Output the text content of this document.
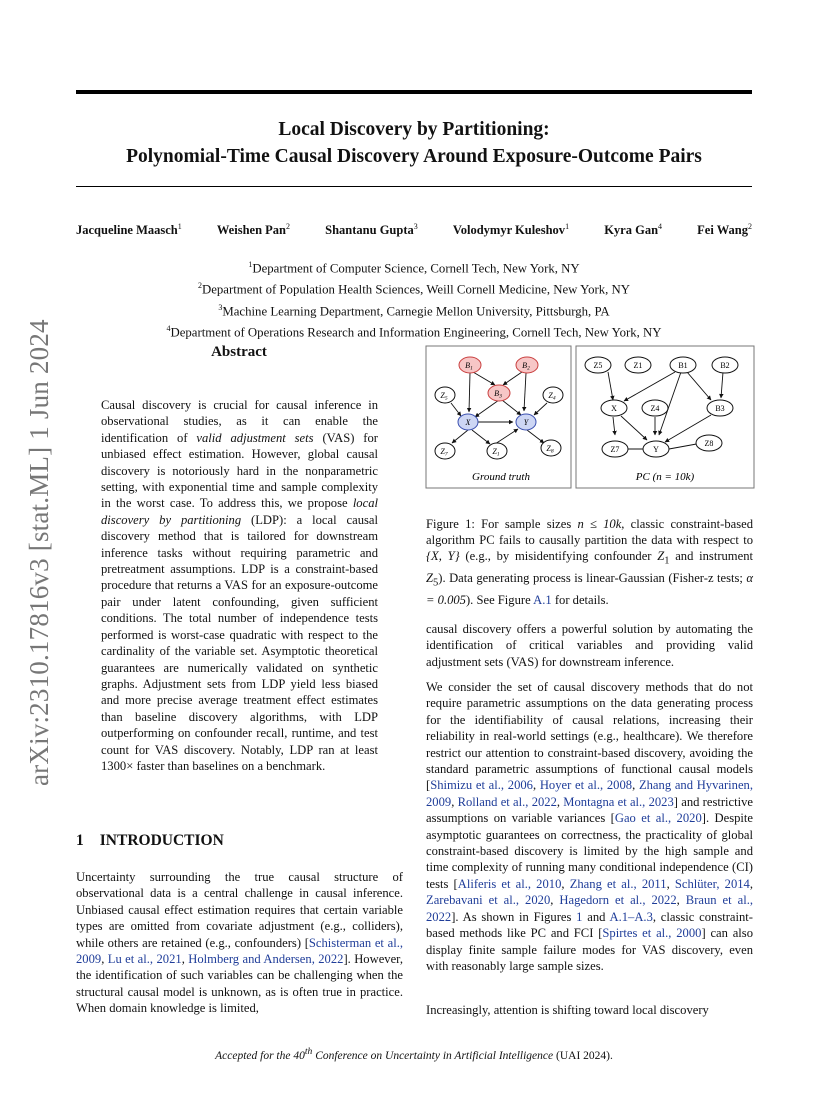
Local Discovery by Partitioning:
Polynomial-Time Causal Discovery Around Exposure-Outcome Pairs
Jacqueline Maasch$^1$	Weishen Pan$^2$	Shantanu Gupta$^3$	Volodymyr Kuleshov$^1$	Kyra Gan$^4$	Fei Wang$^2$
$^1$Department of Computer Science, Cornell Tech, New York, NY
$^2$Department of Population Health Sciences, Weill Cornell Medicine, New York, NY
$^3$Machine Learning Department, Carnegie Mellon University, Pittsburgh, PA
$^4$Department of Operations Research and Information Engineering, Cornell Tech, New York, NY
arXiv:2310.17816v3 [stat.ML] 1 Jun 2024	Abstract

Causal discovery is crucial for causal inference in observational studies, as it can enable the identification of valid adjustment sets (VAS) for unbiased effect estimation. However, global causal discovery is notoriously hard in the nonparametric setting, with exponential time and sample complexity in the worst case. To address this, we propose local discovery by partitioning (LDP): a local causal discovery method that is tailored for downstream inference tasks without requiring parametric and pretreatment assumptions. LDP is a constraint-based procedure that returns a VAS for an exposure-outcome pair under latent confounding, given sufficient conditions. The total number of independence tests performed is worst-case quadratic with respect to the cardinality of the variable set. Asymptotic theoretical guarantees are numerically validated on synthetic graphs. Adjustment sets from LDP yield less biased and more precise average treatment effect estimates than baseline discovery algorithms, with LDP outperforming on confounder recall, runtime, and test count for VAS discovery. Notably, LDP ran at least 1300× faster than baselines on a benchmark.

1 INTRODUCTION

Uncertainty surrounding the true causal structure of observational data is a central challenge in causal inference. Unbiased causal effect estimation requires that certain variable types are omitted from covariate adjustment (e.g., colliders), while others are retained (e.g., confounders) [Schisterman et al., 2009, Lu et al., 2021, Holmberg and Andersen, 2022]. However, the identification of such variables can be challenging when the structural causal model is unknown, as is often true in practice. When domain knowledge is limited,

B1	B2
Z5
B3	Z4
X	Y
Z7	Z1
Z8
Ground truth
Z5	Z1	B1	B2
X	Z4	B3
Z8
Z7	Y
PC (n = 10k)

Figure 1: For sample sizes n ≤ 10k, classic constraint-based algorithm PC fails to causally partition the data with respect to {X, Y} (e.g., by misidentifying confounder $Z_1$ and instrument $Z_5$). Data generating process is linear-Gaussian (Fisher-z tests; α = 0.005). See Figure A.1 for details.

causal discovery offers a powerful solution by automating the identification of critical variables and providing valid adjustment sets (VAS) for downstream inference.

We consider the set of causal discovery methods that do not require parametric assumptions on the data generating process for the identifiability of causal relations, increasing their reliability in real-world settings (e.g., healthcare). We therefore restrict our attention to constraint-based discovery, avoiding the standard parametric assumptions of functional causal models [Shimizu et al., 2006, Hoyer et al., 2008, Zhang and Hyvarinen, 2009, Rolland et al., 2022, Montagna et al., 2023] and restrictive assumptions on variable variances [Gao et al., 2020]. Despite asymptotic guarantees on correctness, the practicality of global constraint-based discovery is limited by the high sample and time complexity of running many conditional independence (CI) tests [Aliferis et al., 2010, Zhang et al., 2011, Schlüter, 2014, Zarebavani et al., 2020, Hagedorn et al., 2022, Braun et al., 2022]. As shown in Figures 1 and A.1–A.3, classic constraint-based methods like PC and FCI [Spirtes et al., 2000] can also display finite sample failure modes for VAS discovery, even with reasonably large sample sizes.

Increasingly, attention is shifting toward local discovery

Accepted for the 40th Conference on Uncertainty in Artificial Intelligence (UAI 2024).
